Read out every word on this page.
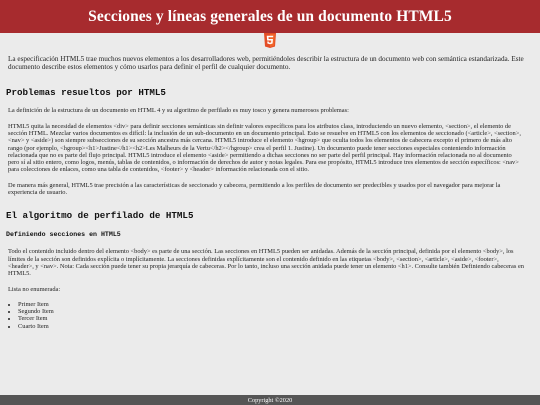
Secciones y líneas generales de un documento HTML5

La especificación HTML5 trae muchos nuevos elementos a los desarrolladores web, permitiéndoles describir la estructura de un documento web con semántica estandarizada. Este documento describe estos elementos y cómo usarlos para definir el perfil de cualquier documento.

Problemas resueltos por HTML5

La definición de la estructura de un documento en HTML 4 y su algoritmo de perfilado es muy tosco y genera numerosos problemas:

HTML5 quita la necesidad de elementos <div> para definir secciones semánticas sin definir valores específicos para los atributos class, introduciendo un nuevo elemento, <section>, el elemento de sección HTML. Mezclar varios documentos es difícil: la inclusión de un sub-documento en un documento principal. Esto se resuelve en HTML5 con los elementos de seccionado (<article>, <section>, <nav> y <aside>) son siempre subsecciones de su sección ancestra más cercana. HTML5 introduce el elemento <hgroup> que oculta todos los elementos de cabecera excepto el primero de más alto rango (por ejemplo, <hgroup><h1>Justine</h1><h2>Les Malheurs de la Vertu</h2></hgroup> crea el perfil 1. Justine). Un documento puede tener secciones especiales conteniendo información relacionada que no es parte del flujo principal. HTML5 introduce el elemento <aside> permitiendo a dichas secciones no ser parte del perfil principal. Hay información relacionada no al documento pero sí al sitio entero, como logos, menús, tablas de contenidos, o información de derechos de autor y notas legales. Para ese propósito, HTML5 introduce tres elementos de sección específicos: <nav> para colecciones de enlaces, como una tabla de contenidos, <footer> y <header> información relacionada con el sitio.

De manera más general, HTML5 trae precisión a las características de seccionado y cabecera, permitiendo a los perfiles de documento ser predecibles y usados por el navegador para mejorar la experiencia de usuario.

El algoritmo de perfilado de HTML5
Definiendo secciones en HTML5

Todo el contenido incluido dentro del elemento <body> es parte de una sección. Las secciones en HTML5 pueden ser anidadas. Además de la sección principal, definida por el elemento <body>, los límites de la sección son definidos explícita o implícitamente. La secciones definidas explícitamente son el contenido definido en las etiquetas <body>, <section>, <article>, <aside>, <footer>, <header>, y <nav>. Nota: Cada sección puede tener su propia jerarquía de cabeceras. Por lo tanto, incluso una sección anidada puede tener un elemento <h1>. Consulte también Definiendo cabeceras en HTML5.

Lista no enumerada:

• Primer Item
• Segundo Item
• Tercer Item
• Cuarto Item
Copyright ©2020
